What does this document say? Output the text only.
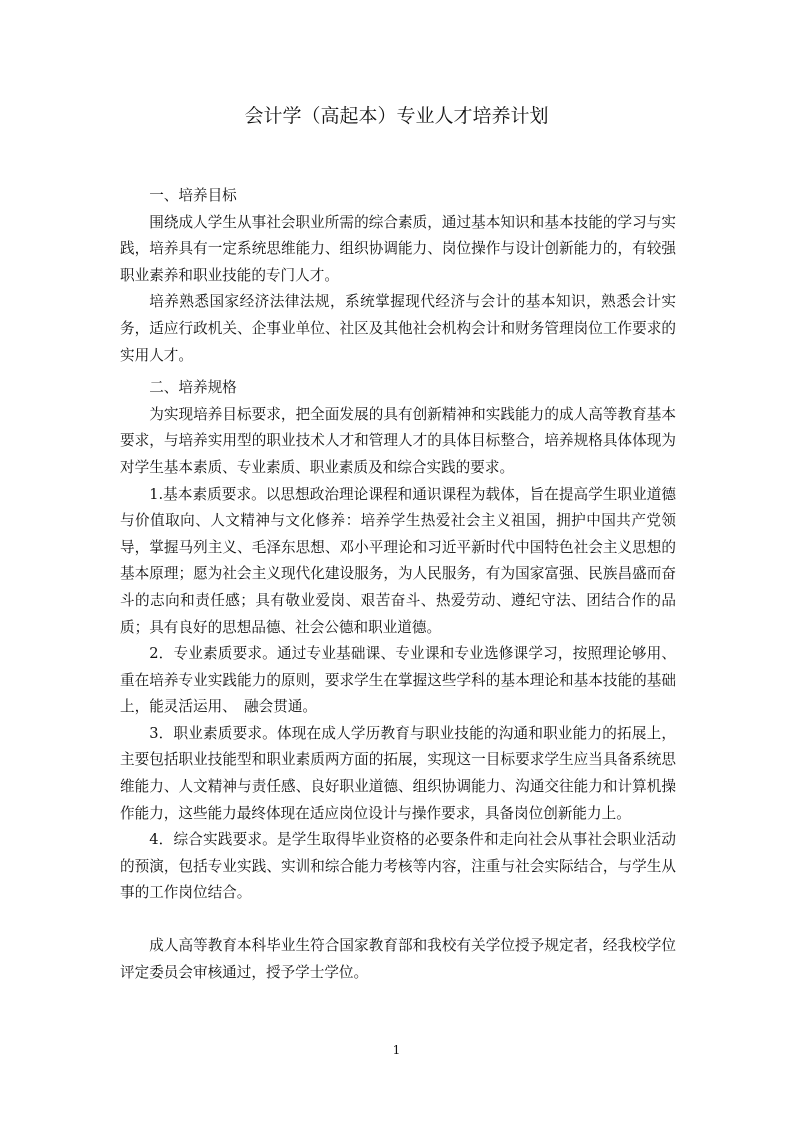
会计学（高起本）专业人才培养计划
一、培养目标

围绕成人学生从事社会职业所需的综合素质，通过基本知识和基本技能的学习与实践，培养具有一定系统思维能力、组织协调能力、岗位操作与设计创新能力的，有较强职业素养和职业技能的专门人才。

培养熟悉国家经济法律法规，系统掌握现代经济与会计的基本知识，熟悉会计实务，适应行政机关、企事业单位、社区及其他社会机构会计和财务管理岗位工作要求的实用人才。

二、培养规格

为实现培养目标要求，把全面发展的具有创新精神和实践能力的成人高等教育基本要求，与培养实用型的职业技术人才和管理人才的具体目标整合，培养规格具体体现为对学生基本素质、专业素质、职业素质及和综合实践的要求。

1.基本素质要求。以思想政治理论课程和通识课程为载体，旨在提高学生职业道德与价值取向、人文精神与文化修养：培养学生热爱社会主义祖国，拥护中国共产党领导，掌握马列主义、毛泽东思想、邓小平理论和习近平新时代中国特色社会主义思想的基本原理；愿为社会主义现代化建设服务，为人民服务，有为国家富强、民族昌盛而奋斗的志向和责任感；具有敬业爱岗、艰苦奋斗、热爱劳动、遵纪守法、团结合作的品质；具有良好的思想品德、社会公德和职业道德。

2．专业素质要求。通过专业基础课、专业课和专业选修课学习，按照理论够用、重在培养专业实践能力的原则，要求学生在掌握这些学科的基本理论和基本技能的基础上，能灵活运用、　融会贯通。

3．职业素质要求。体现在成人学历教育与职业技能的沟通和职业能力的拓展上，主要包括职业技能型和职业素质两方面的拓展，实现这一目标要求学生应当具备系统思维能力、人文精神与责任感、良好职业道德、组织协调能力、沟通交往能力和计算机操作能力，这些能力最终体现在适应岗位设计与操作要求，具备岗位创新能力上。

4．综合实践要求。是学生取得毕业资格的必要条件和走向社会从事社会职业活动的预演，包括专业实践、实训和综合能力考核等内容，注重与社会实际结合，与学生从事的工作岗位结合。

成人高等教育本科毕业生符合国家教育部和我校有关学位授予规定者，经我校学位评定委员会审核通过，授予学士学位。

1
